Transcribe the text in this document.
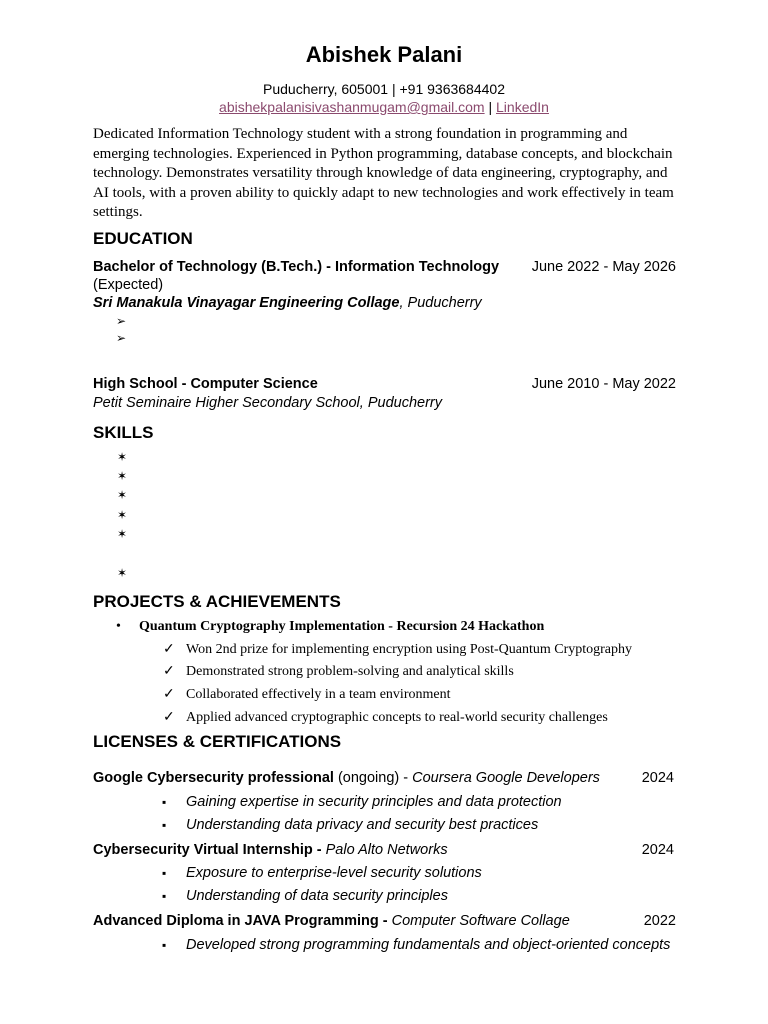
Abishek Palani
Puducherry, 605001 | +91 9363684402
abishekpalanisivashanmugam@gmail.com | LinkedIn
Dedicated Information Technology student with a strong foundation in programming and emerging technologies. Experienced in Python programming, database concepts, and blockchain technology. Demonstrates versatility through knowledge of data engineering, cryptography, and AI tools, with a proven ability to quickly adapt to new technologies and work effectively in team settings.
EDUCATION
Bachelor of Technology (B.Tech.) - Information Technology June 2022 - May 2026
(Expected)
Sri Manakula Vinayagar Engineering Collage, Puducherry
➢
➢
High School - Computer Science	June 2010 - May 2022
Petit Seminaire Higher Secondary School, Puducherry
SKILLS
✶
✶
✶
✶
✶
✶
PROJECTS & ACHIEVEMENTS
• Quantum Cryptography Implementation - Recursion 24 Hackathon
✓ Won 2nd prize for implementing encryption using Post-Quantum Cryptography
✓ Demonstrated strong problem-solving and analytical skills
✓ Collaborated effectively in a team environment
✓ Applied advanced cryptographic concepts to real-world security challenges
LICENSES & CERTIFICATIONS
Google Cybersecurity professional (ongoing) - Coursera Google Developers	2024
▪ Gaining expertise in security principles and data protection
▪ Understanding data privacy and security best practices
Cybersecurity Virtual Internship - Palo Alto Networks	2024
▪ Exposure to enterprise-level security solutions
▪ Understanding of data security principles
Advanced Diploma in JAVA Programming - Computer Software Collage	2022
▪ Developed strong programming fundamentals and object-oriented concepts
